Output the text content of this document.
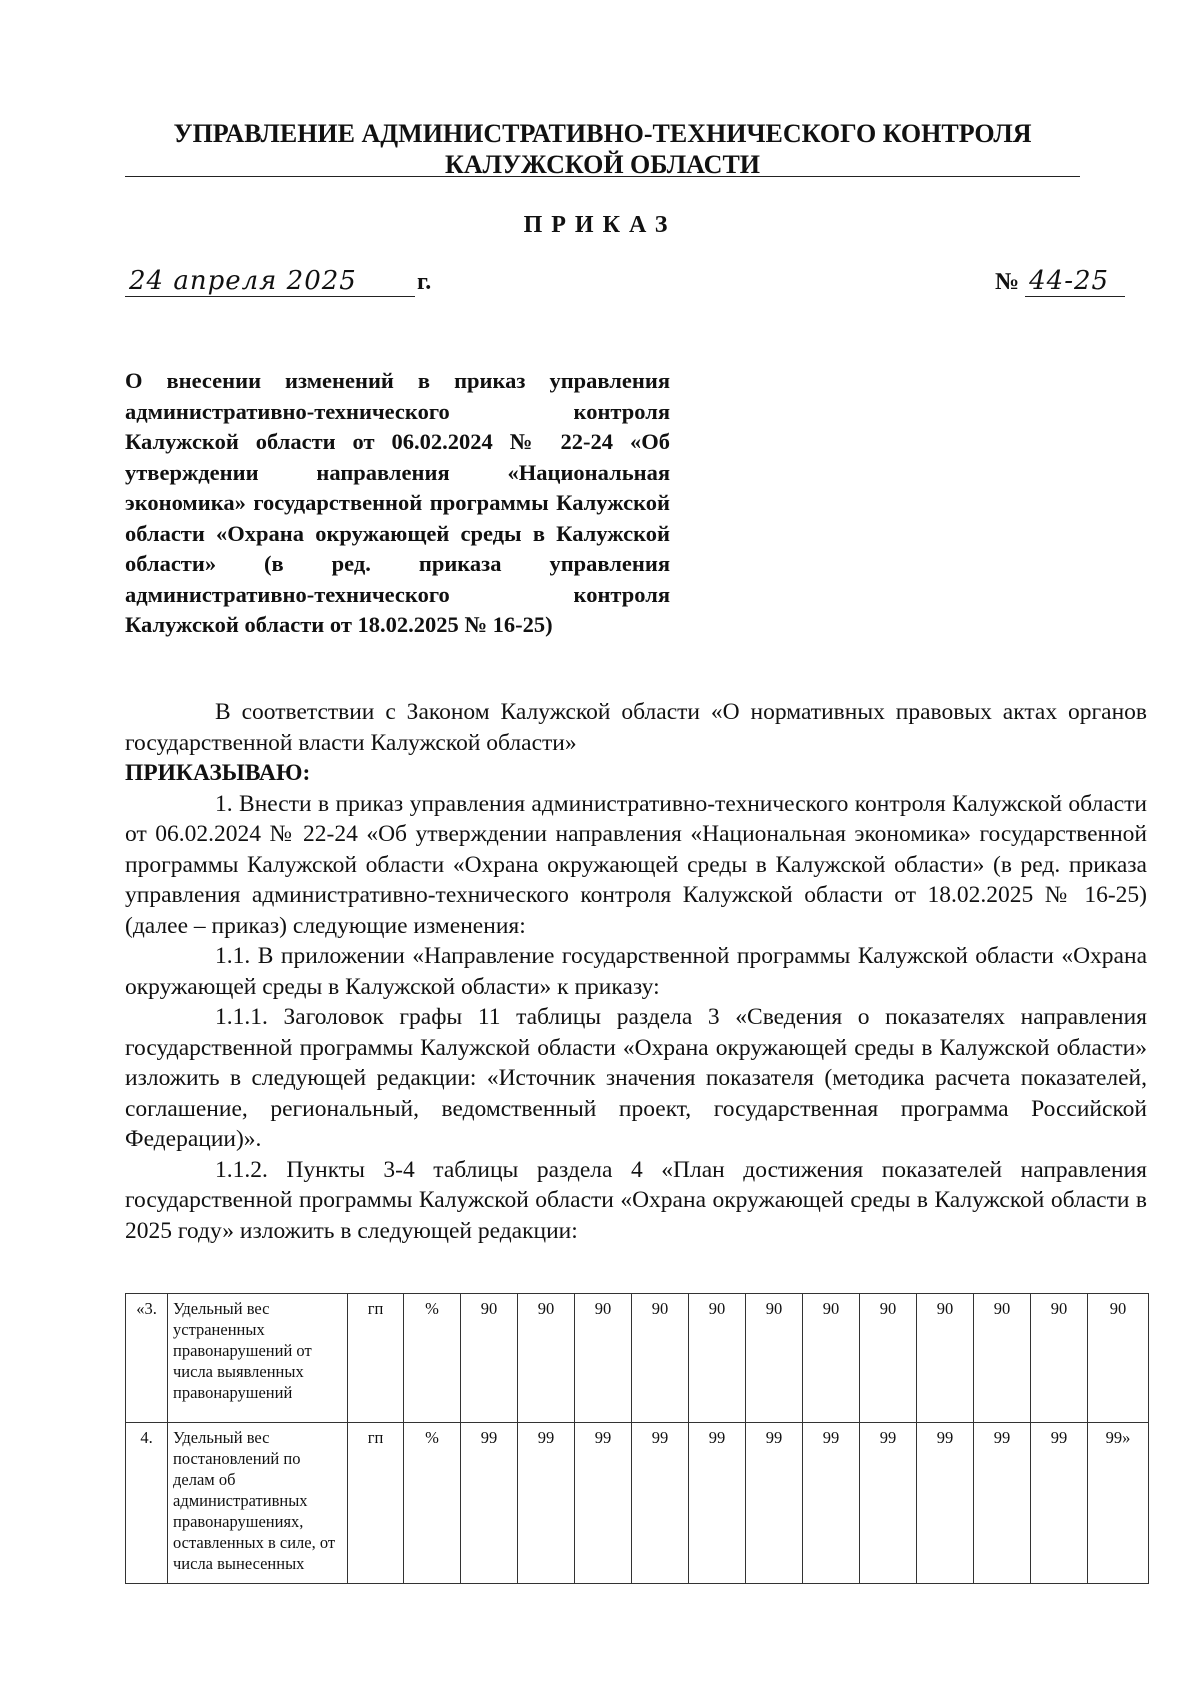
УПРАВЛЕНИЕ АДМИНИСТРАТИВНО-ТЕХНИЧЕСКОГО КОНТРОЛЯ
КАЛУЖСКОЙ ОБЛАСТИ
ПРИКАЗ
24 апреля 2025	г.	№ 44-25
О внесении изменений в приказ управления административно-технического контроля Калужской области от 06.02.2024 № 22-24 «Об утверждении направления «Национальная экономика» государственной программы Калужской области «Охрана окружающей среды в Калужской области» (в ред. приказа управления административно-технического контроля Калужской области от 18.02.2025 № 16-25)

В соответствии с Законом Калужской области «О нормативных правовых актах органов государственной власти Калужской области»

ПРИКАЗЫВАЮ:

1. Внести в приказ управления административно-технического контроля Калужской области от 06.02.2024 № 22-24 «Об утверждении направления «Национальная экономика» государственной программы Калужской области «Охрана окружающей среды в Калужской области» (в ред. приказа управления административно-технического контроля Калужской области от 18.02.2025 № 16-25) (далее – приказ) следующие изменения:

1.1. В приложении «Направление государственной программы Калужской области «Охрана окружающей среды в Калужской области» к приказу:

1.1.1. Заголовок графы 11 таблицы раздела 3 «Сведения о показателях направления государственной программы Калужской области «Охрана окружающей среды в Калужской области» изложить в следующей редакции: «Источник значения показателя (методика расчета показателей, соглашение, региональный, ведомственный проект, государственная программа Российской Федерации)».

1.1.2. Пункты 3-4 таблицы раздела 4 «План достижения показателей направления государственной программы Калужской области «Охрана окружающей среды в Калужской области в 2025 году» изложить в следующей редакции:

«3.	Удельный вес устраненных правонарушений от числа выявленных правонарушений	гп	%	90	90	90	90	90	90	90	90	90	90	90	90
4.	Удельный вес постановлений по делам об административных правонарушениях, оставленных в силе, от числа вынесенных	гп	%	99	99	99	99	99	99	99	99	99	99	99	99»
